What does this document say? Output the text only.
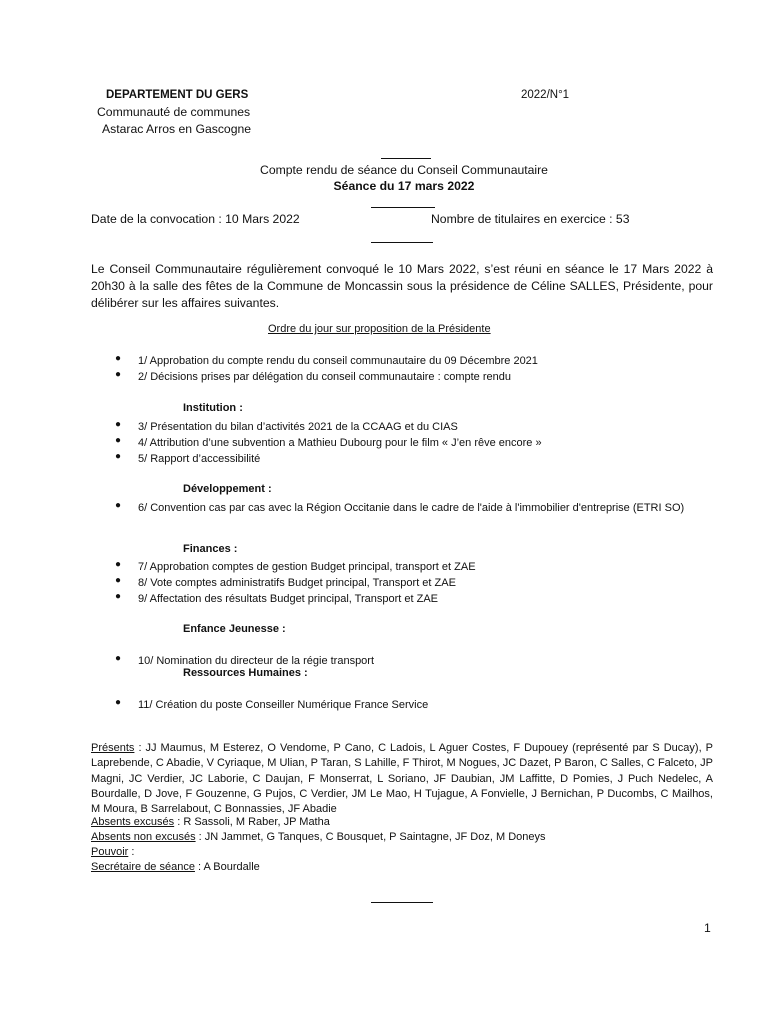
DEPARTEMENT DU GERS
Communauté de communes
Astarac Arros en Gascogne
2022/N°1
Compte rendu de séance du Conseil Communautaire
Séance du 17 mars 2022
Date de la convocation : 10 Mars 2022	Nombre de titulaires en exercice : 53
Le Conseil Communautaire régulièrement convoqué le 10 Mars 2022, s’est réuni en séance le 17 Mars 2022 à 20h30 à la salle des fêtes de la Commune de Moncassin sous la présidence de Céline SALLES, Présidente, pour délibérer sur les affaires suivantes.
Ordre du jour sur proposition de la Présidente
● 1/ Approbation du compte rendu du conseil communautaire du 09 Décembre 2021
● 2/ Décisions prises par délégation du conseil communautaire : compte rendu
Institution :
● 3/ Présentation du bilan d’activités 2021 de la CCAAG et du CIAS
● 4/ Attribution d’une subvention a Mathieu Dubourg pour le film « J’en rêve encore »
● 5/ Rapport d’accessibilité
Développement :
● 6/ Convention cas par cas avec la Région Occitanie dans le cadre de l'aide à l'immobilier d'entreprise (ETRI SO)
Finances :
● 7/ Approbation comptes de gestion Budget principal, transport et ZAE
● 8/ Vote comptes administratifs Budget principal, Transport et ZAE
● 9/ Affectation des résultats Budget principal, Transport et ZAE
Enfance Jeunesse :
● 10/ Nomination du directeur de la régie transport
Ressources Humaines :
● 11/ Création du poste Conseiller Numérique France Service
Présents : JJ Maumus, M Esterez, O Vendome, P Cano, C Ladois, L Aguer Costes, F Dupouey (représenté par S Ducay), P Laprebende, C Abadie, V Cyriaque, M Ulian, P Taran, S Lahille, F Thirot, M Nogues, JC Dazet, P Baron, C Salles, C Falceto, JP Magni, JC Verdier, JC Laborie, C Daujan, F Monserrat, L Soriano, JF Daubian, JM Laffitte, D Pomies, J Puch Nedelec, A Bourdalle, D Jove, F Gouzenne, G Pujos, C Verdier, JM Le Mao, H Tujague, A Fonvielle, J Bernichan, P Ducombs, C Mailhos, M Moura, B Sarrelabout, C Bonnassies, JF Abadie
Absents excusés : R Sassoli, M Raber, JP Matha
Absents non excusés : JN Jammet, G Tanques, C Bousquet, P Saintagne, JF Doz, M Doneys
Pouvoir :
Secrétaire de séance : A Bourdalle
1
